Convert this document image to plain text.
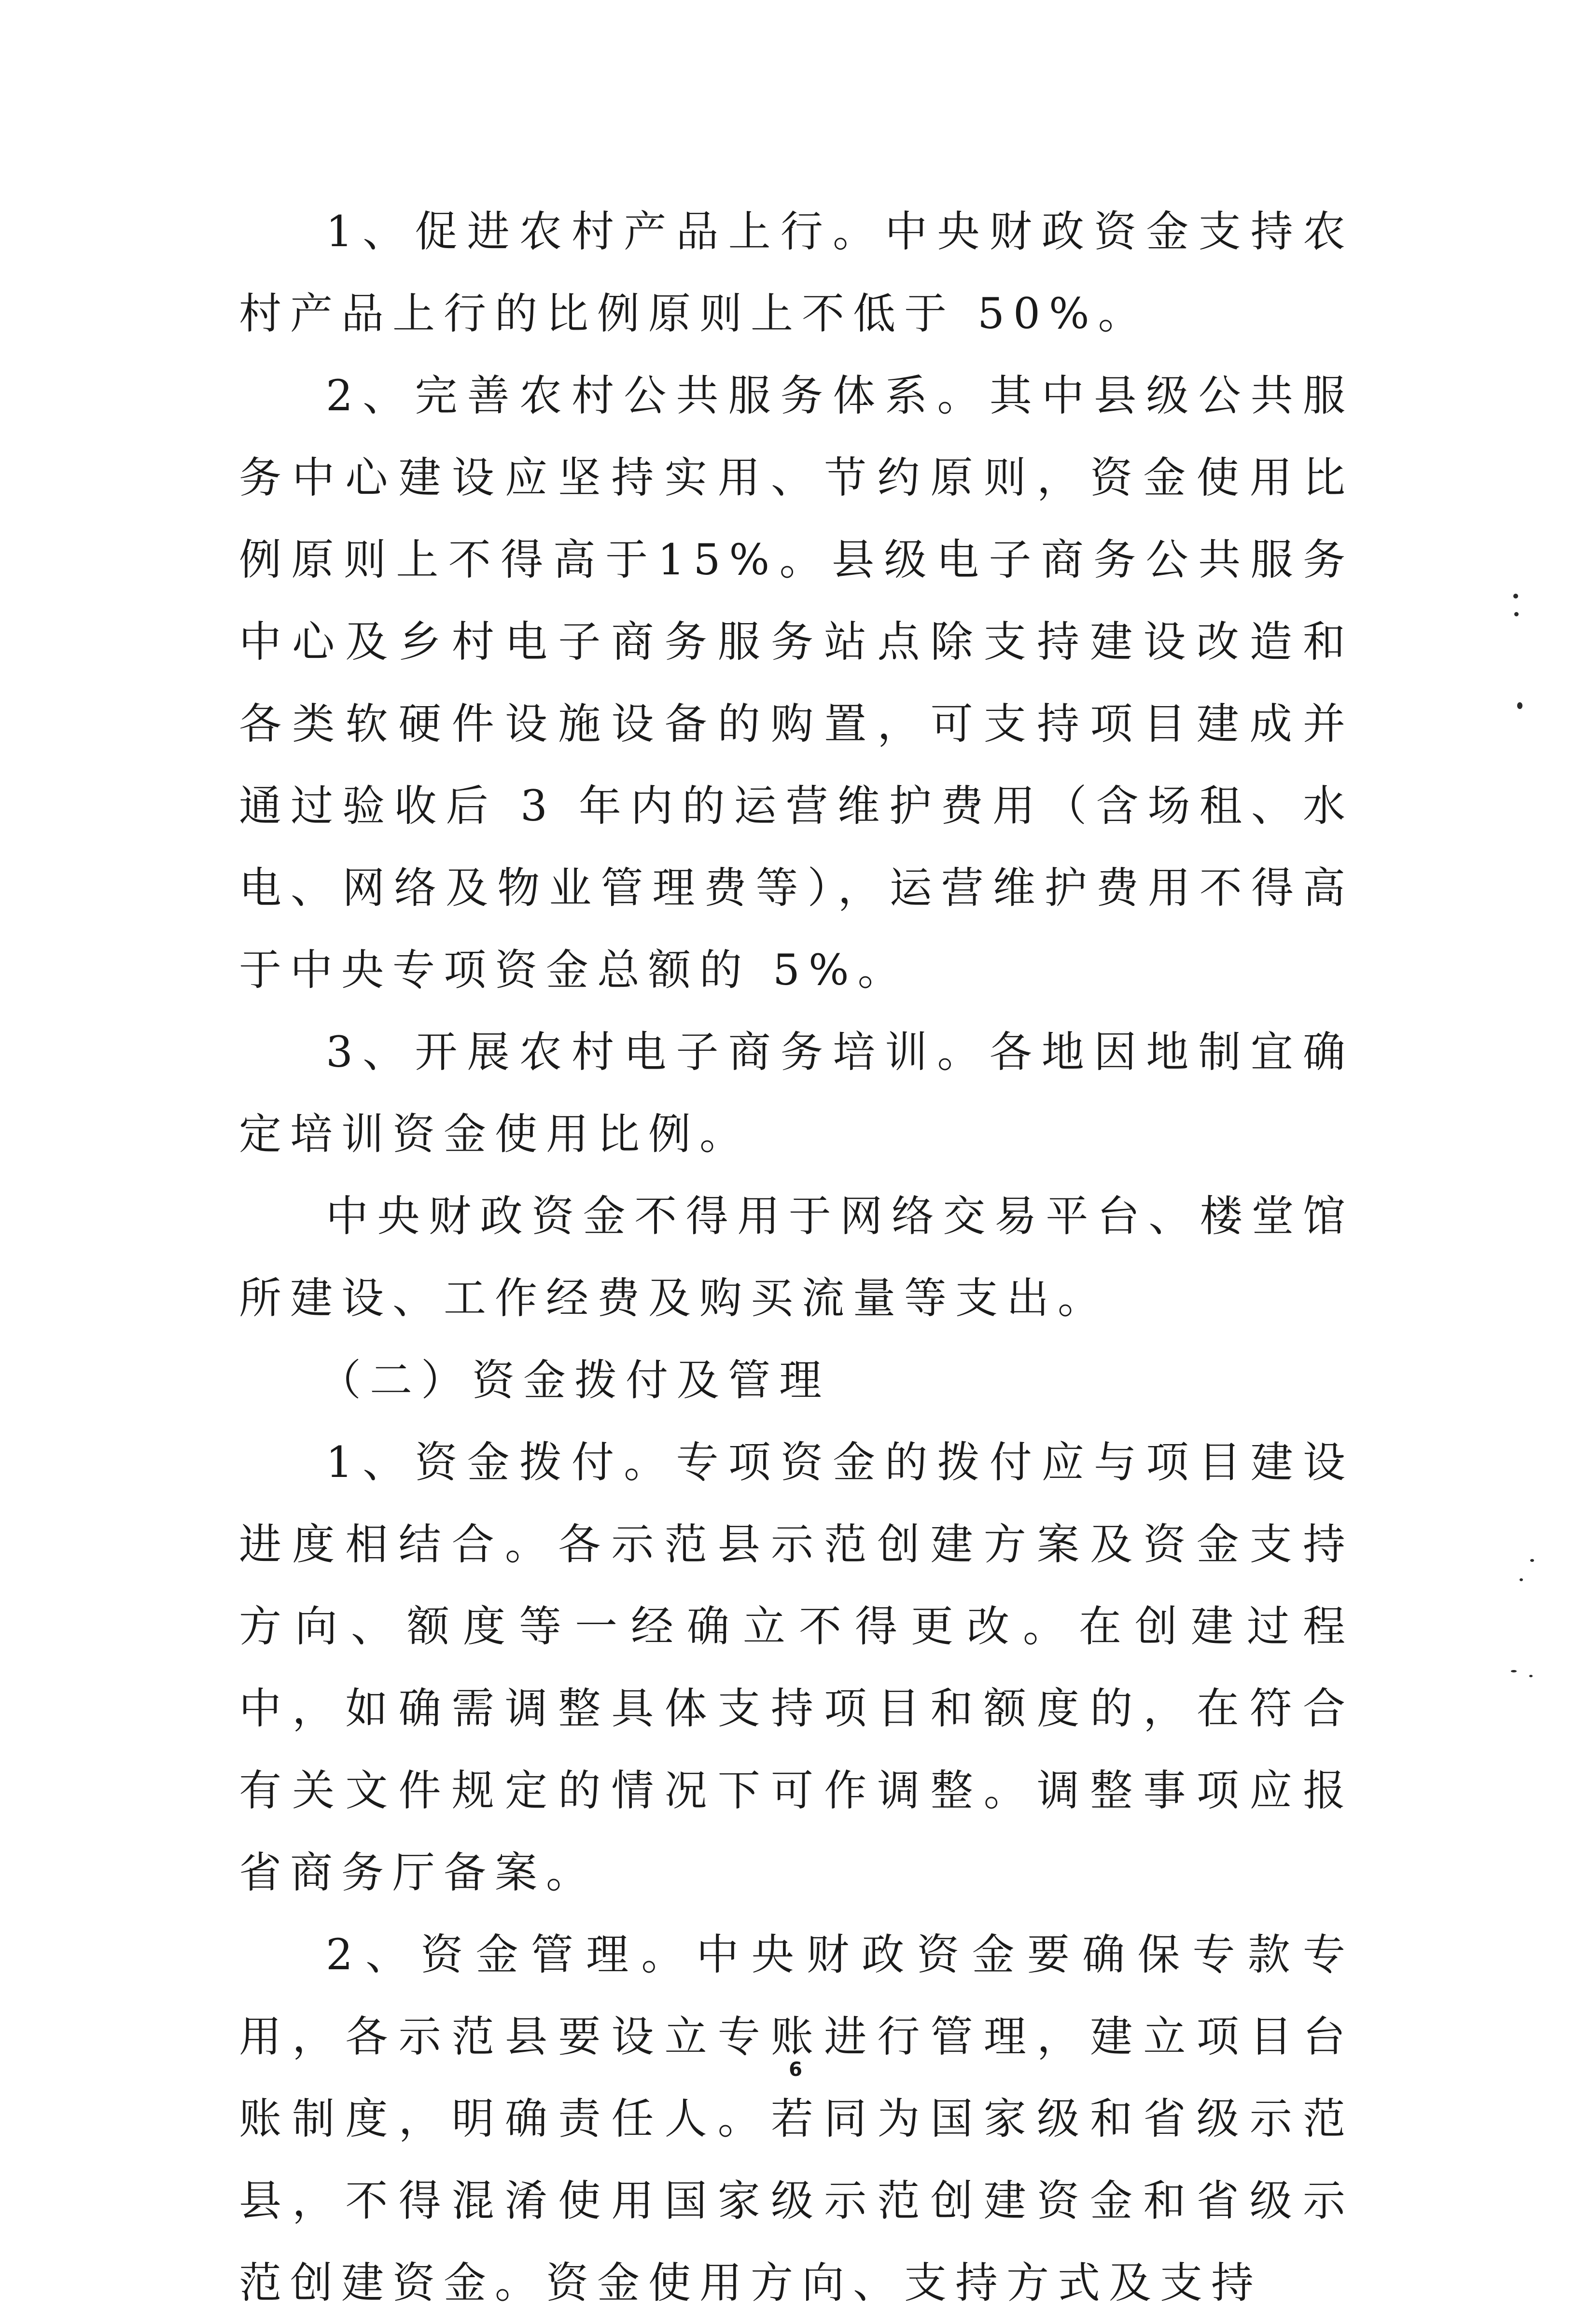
1、促进农村产品上行。中央财政资金支持农村产品上行的比例原则上不低于 50%。

2、完善农村公共服务体系。其中县级公共服务中心建设应坚持实用、节约原则，资金使用比例原则上不得高于15%。县级电子商务公共服务中心及乡村电子商务服务站点除支持建设改造和各类软硬件设施设备的购置，可支持项目建成并通过验收后 3 年内的运营维护费用（含场租、水电、网络及物业管理费等），运营维护费用不得高于中央专项资金总额的 5%。

3、开展农村电子商务培训。各地因地制宜确定培训资金使用比例。

中央财政资金不得用于网络交易平台、楼堂馆所建设、工作经费及购买流量等支出。

（二）资金拨付及管理

1、资金拨付。专项资金的拨付应与项目建设进度相结合。各示范县示范创建方案及资金支持方向、额度等一经确立不得更改。在创建过程中，如确需调整具体支持项目和额度的，在符合有关文件规定的情况下可作调整。调整事项应报省商务厅备案。

2、资金管理。中央财政资金要确保专款专用，各示范县要设立专账进行管理，建立项目台账制度，明确责任人。若同为国家级和省级示范县，不得混淆使用国家级示范创建资金和省级示范创建资金。资金使用方向、支持方式及支持

6
